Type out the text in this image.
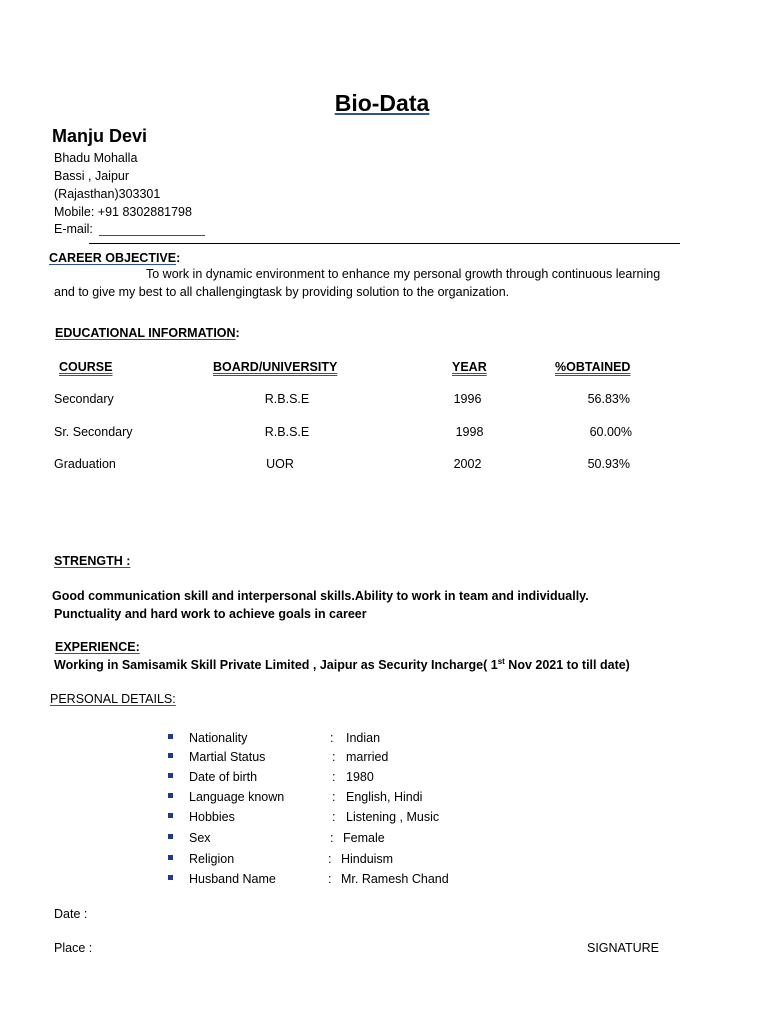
Bio-Data
Manju Devi
Bhadu Mohalla
Bassi , Jaipur
(Rajasthan)303301
Mobile: +91 8302881798
E-mail:
CAREER OBJECTIVE:
To work in dynamic environment to enhance my personal growth through continuous learning
and to give my best to all challengingtask by providing solution to the organization.
EDUCATIONAL INFORMATION:
COURSE	BOARD/UNIVERSITY	YEAR	%OBTAINED
Secondary	R.B.S.E	1996	56.83%
Sr. Secondary	R.B.S.E	1998	60.00%
Graduation	UOR	2002	50.93%
STRENGTH :
Good communication skill and interpersonal skills.Ability to work in team and individually.
Punctuality and hard work to achieve goals in career
EXPERIENCE:
Working in Samisamik Skill Private Limited , Jaipur as Security Incharge( 1st Nov 2021 to till date)
PERSONAL DETAILS:
Nationality	: Indian
Martial Status	: married
Date of birth	: 1980
Language known	: English, Hindi
Hobbies	: Listening , Music
Sex	: Female
Religion	: Hinduism
Husband Name	: Mr. Ramesh Chand
Date :
Place :	SIGNATURE
